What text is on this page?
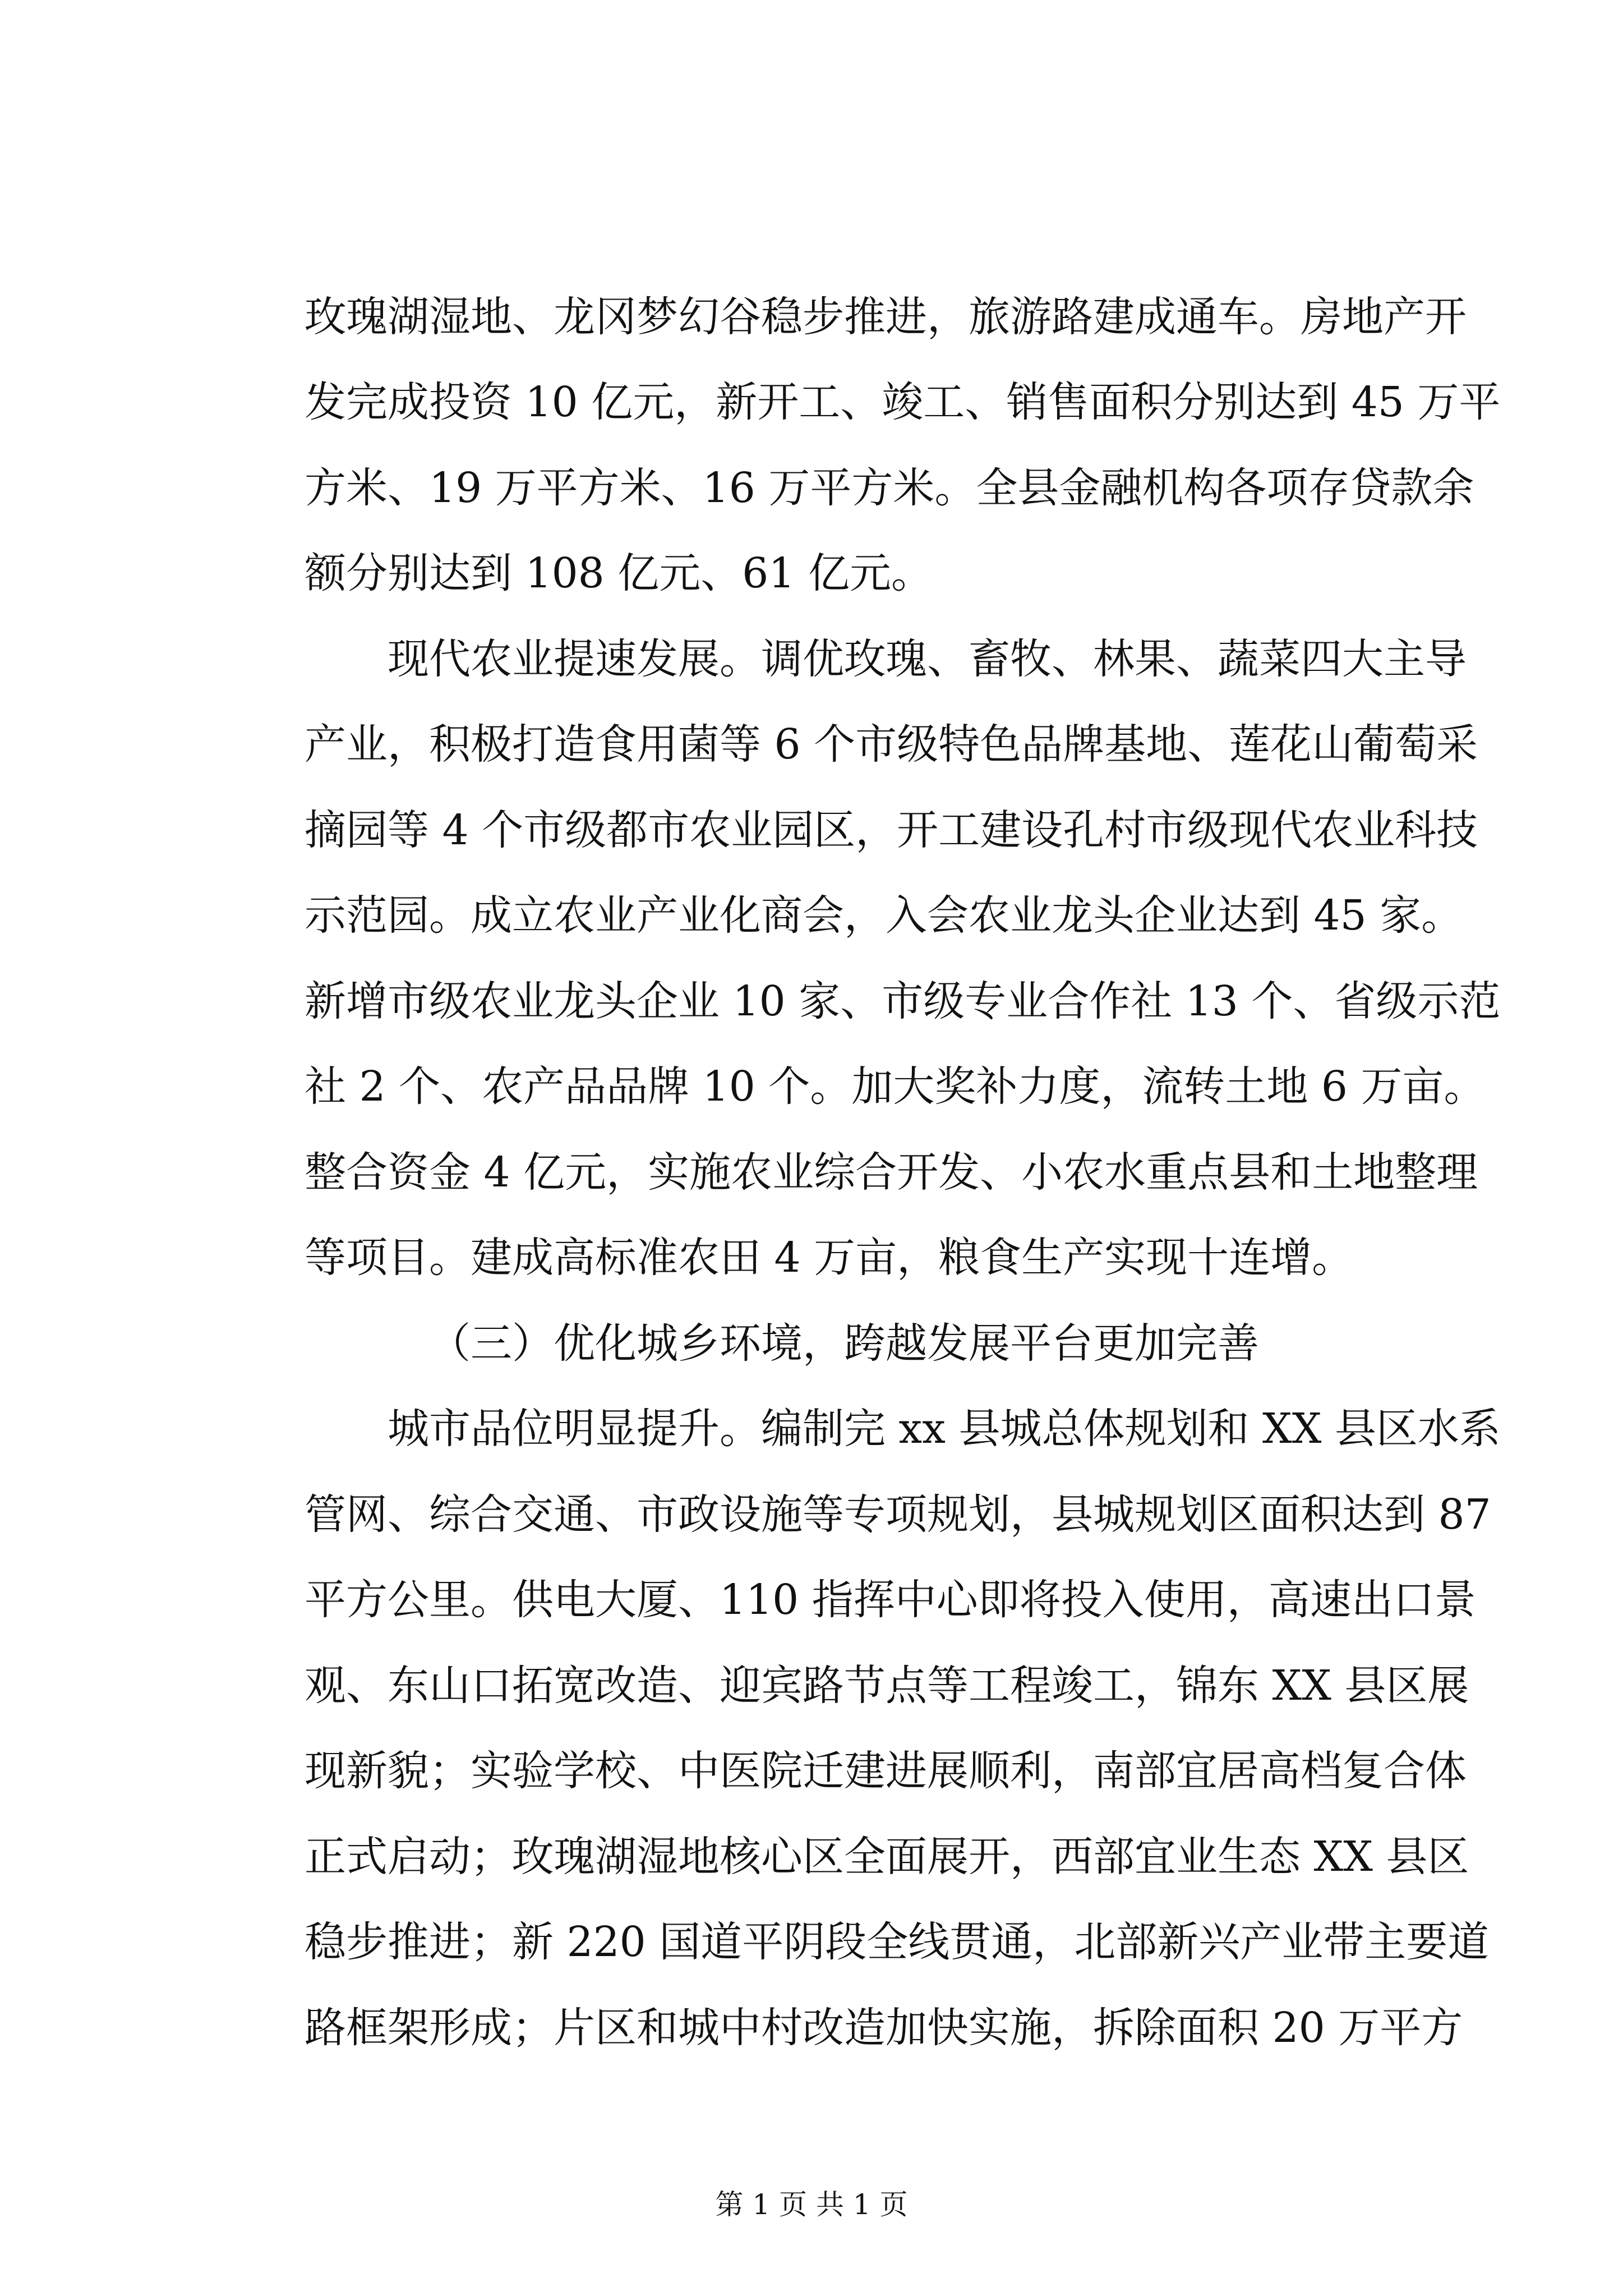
玫瑰湖湿地、龙冈梦幻谷稳步推进，旅游路建成通车。房地产开
发完成投资 10 亿元，新开工、竣工、销售面积分别达到 45 万平
方米、19 万平方米、16 万平方米。全县金融机构各项存贷款余
额分别达到 108 亿元、61 亿元。
现代农业提速发展。调优玫瑰、畜牧、林果、蔬菜四大主导
产业，积极打造食用菌等 6 个市级特色品牌基地、莲花山葡萄采
摘园等 4 个市级都市农业园区，开工建设孔村市级现代农业科技
示范园。成立农业产业化商会，入会农业龙头企业达到 45 家。
新增市级农业龙头企业 10 家、市级专业合作社 13 个、省级示范
社 2 个、农产品品牌 10 个。加大奖补力度，流转土地 6 万亩。
整合资金 4 亿元，实施农业综合开发、小农水重点县和土地整理
等项目。建成高标准农田 4 万亩，粮食生产实现十连增。
（三）优化城乡环境，跨越发展平台更加完善
城市品位明显提升。编制完 xx 县城总体规划和 XX 县区水系
管网、综合交通、市政设施等专项规划，县城规划区面积达到 87
平方公里。供电大厦、110 指挥中心即将投入使用，高速出口景
观、东山口拓宽改造、迎宾路节点等工程竣工，锦东 XX 县区展
现新貌；实验学校、中医院迁建进展顺利，南部宜居高档复合体
正式启动；玫瑰湖湿地核心区全面展开，西部宜业生态 XX 县区
稳步推进；新 220 国道平阴段全线贯通，北部新兴产业带主要道
路框架形成；片区和城中村改造加快实施，拆除面积 20 万平方
第 1 页 共 1 页
